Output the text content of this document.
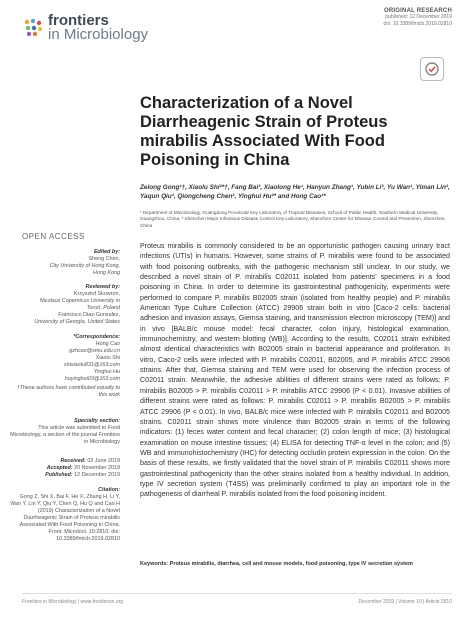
frontiers
in Microbiology
ORIGINAL RESEARCH
published: 12 December 2019
doi: 10.3389/fmicb.2019.02810
Characterization of a Novel Diarrheagenic Strain of Proteus mirabilis Associated With Food Poisoning in China
Zelong Gong¹†, Xiaolu Shi²*†, Fang Bai³, Xiaolong He¹, Hanyun Zhang¹, Yubin Li³, Yu Wan¹, Yiman Lin², Yaqun Qiu², Qiongcheng Chen², Yinghui Hu²* and Hong Cao¹*
¹ Department of Microbiology, Guangdong Provincial Key Laboratory of Tropical Diseases, School of Public Health, Southern Medical University, Guangzhou, China, ² Shenzhen Major Infectious Disease Control Key Laboratory, Shenzhen Center for Disease Control and Prevention, Shenzhen, China
OPEN ACCESS
Edited by:
Sheng Chen,
City University of Hong Kong,
Hong Kong
Reviewed by:
Krzysztof Skowron,
Nicolaus Copernicus University in
Toruń, Poland
Francisco Diaz-Gonzalez,
University of Georgia, United States
*Correspondence:
Hong Cao
gzhcao@smu.edu.cn
Xiaolu Shi
shixiaolu831@163.com
Yinghui Hu
huyinghui03@163.com
†These authors have contributed equally to this work
Specialty section:
This article was submitted to Food Microbiology, a section of the journal Frontiers in Microbiology
Received: 03 June 2019
Accepted: 20 November 2019
Published: 12 December 2019
Citation:
Gong Z, Shi X, Bai F, He X, Zhang H, Li Y, Wan Y, Lin Y, Qiu Y, Chen Q, Hu Q and Cao H (2019) Characterization of a Novel Diarrheagenic Strain of Proteus mirabilis Associated With Food Poisoning in China. Front. Microbiol. 10:2810. doi: 10.3389/fmicb.2019.02810
Proteus mirabilis is commonly considered to be an opportunistic pathogen causing urinary tract infections (UTIs) in humans. However, some strains of P. mirabilis were found to be associated with food poisoning outbreaks, with the pathogenic mechanism still unclear. In our study, we described a novel strain of P. mirabilis C02011 isolated from patients' specimens in a food poisoning in China. In order to determine its gastrointestinal pathogenicity, experiments were performed to compare P. mirabilis B02005 strain (isolated from healthy people) and P. mirabilis American Type Culture Collection (ATCC) 29906 strain both in vitro [Caco-2 cells: bacterial adhesion and invasion assays, Giemsa staining, and transmission electron microscopy (TEM)] and in vivo [BALB/c mouse model: fecal character, colon injury, histological examination, immunochemistry, and western blotting (WB)]. According to the results, C02011 strain exhibited almost identical characteristics with B02005 strain in bacterial appearance and proliferation. In vitro, Caco-2 cells were infected with P. mirabilis C02011, B02005, and P. mirabilis ATCC 29906 strains. After that, Giemsa staining and TEM were used for observing the infection process of C02011 strain. Meanwhile, the adhesive abilities of different strains were rated as follows: P. mirabilis B02005 > P. mirabilis C02011 > P. mirabilis ATCC 29906 (P < 0.01). Invasive abilities of different strains were rated as follows: P. mirabilis C02011 > P. mirabilis B02005 > P. mirabilis ATCC 29906 (P < 0.01). In vivo, BALB/c mice were infected with P. mirabilis C02011 and B02005 strains. C02011 strain shows more virulence than B02005 strain in terms of the following indicators: (1) feces water content and fecal character; (2) colon length of mice; (3) histological examination on mouse intestine tissues; (4) ELISA for detecting TNF-α level in the colon; and (5) WB and immunohistochemistry (IHC) for detecting occludin protein expression in the colon. On the basis of these results, we firstly validated that the novel strain of P. mirabilis C02011 shows more gastrointestinal pathogenicity than the other strains isolated from a healthy individual. In addition, type IV secretion system (T4SS) was preliminarily confirmed to play an important role in the pathogenesis of diarrheal P. mirabilis isolated from the food poisoning incident.
Keywords: Proteus mirabilis, diarrhea, cell and mouse models, food poisoning, type IV secretion system
Frontiers in Microbiology | www.frontiersin.org	December 2019 | Volume 10 | Article 2810
